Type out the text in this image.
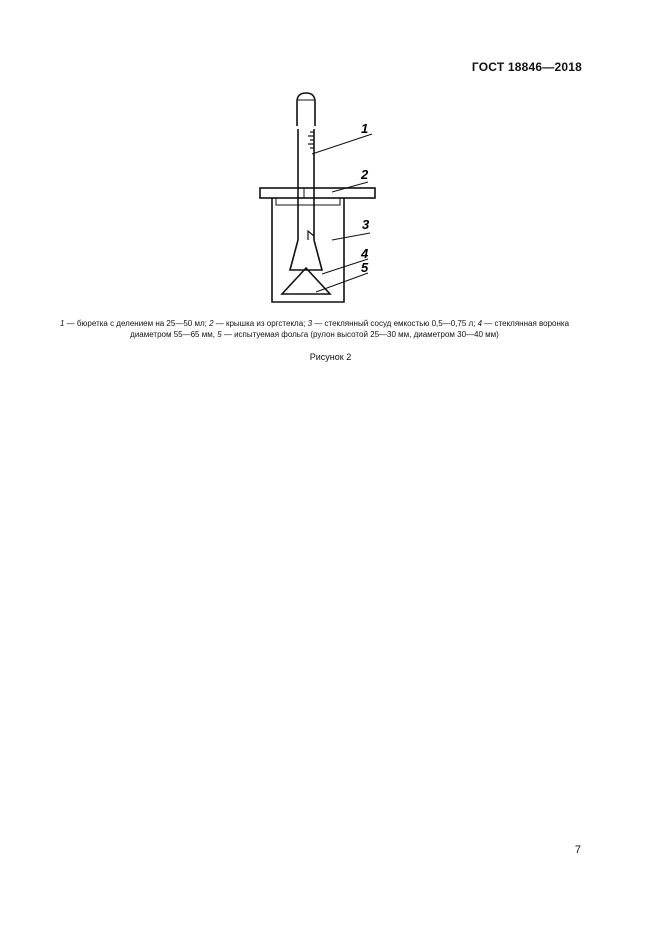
ГОСТ 18846—2018
1
2
3
4
5
1 — бюретка с делением на 25—50 мл; 2 — крышка из оргстекла; 3 — стеклянный сосуд емкостью 0,5—0,75 л; 4 — стеклянная воронка диаметром 55—65 мм, 5 — испытуемая фольга (рулон высотой 25—30 мм, диаметром 30—40 мм)
Рисунок 2
7
